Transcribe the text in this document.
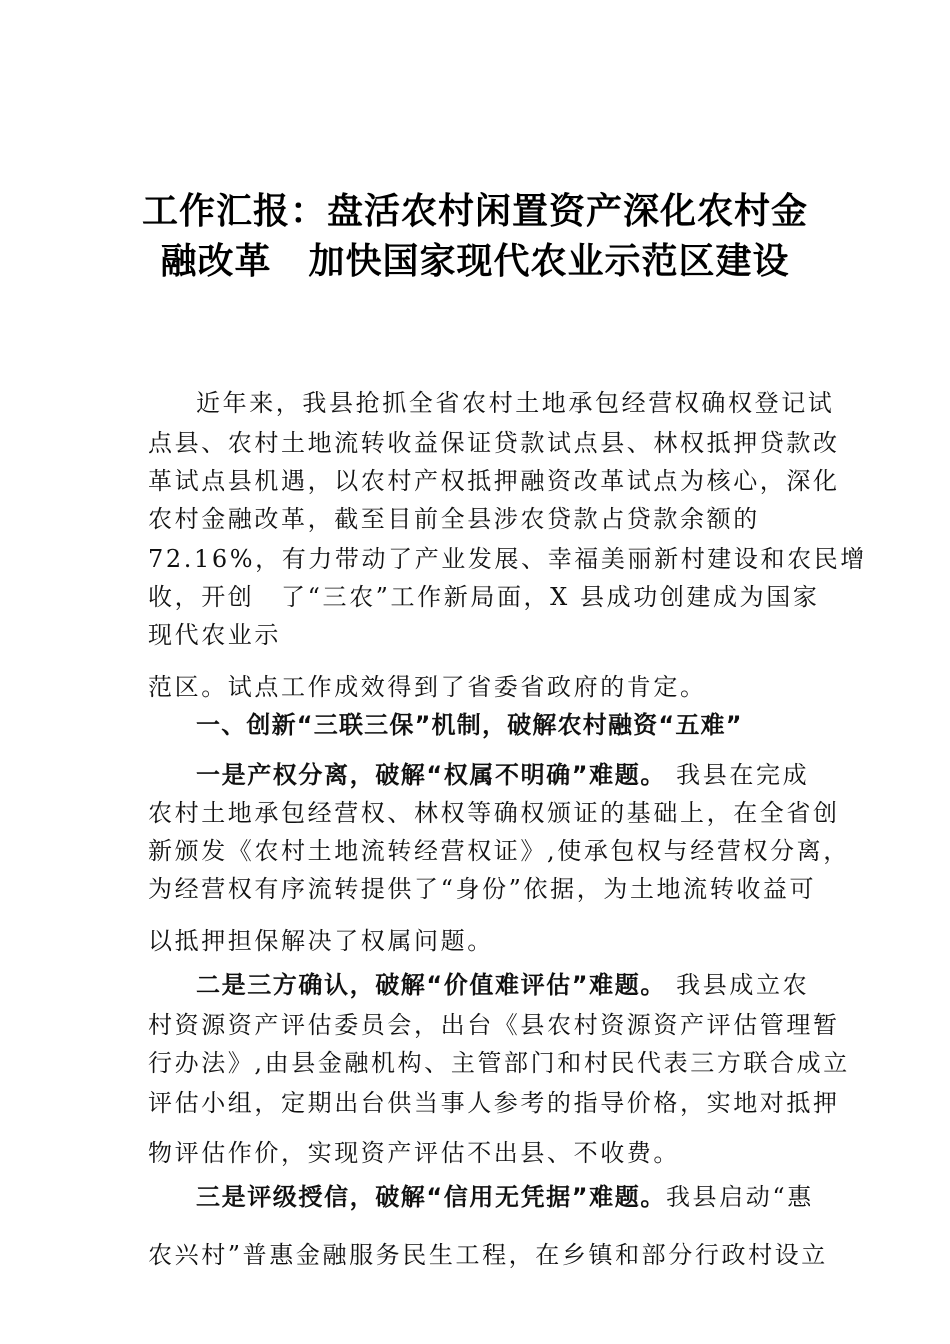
工作汇报：盘活农村闲置资产深化农村金
融改革　加快国家现代农业示范区建设
近年来，我县抢抓全省农村土地承包经营权确权登记试
点县、农村土地流转收益保证贷款试点县、林权抵押贷款改
革试点县机遇，以农村产权抵押融资改革试点为核心，深化
农村金融改革，截至目前全县涉农贷款占贷款余额的
72.16%，有力带动了产业发展、幸福美丽新村建设和农民增
收，开创　了“三农”工作新局面，X 县成功创建成为国家
现代农业示
范区。试点工作成效得到了省委省政府的肯定。
一、创新“三联三保”机制，破解农村融资“五难”
一是产权分离，破解“权属不明确”难题。 我县在完成
农村土地承包经营权、林权等确权颁证的基础上，在全省创
新颁发《农村土地流转经营权证》,使承包权与经营权分离，
为经营权有序流转提供了“身份”依据，为土地流转收益可
以抵押担保解决了权属问题。
二是三方确认，破解“价值难评估”难题。 我县成立农
村资源资产评估委员会，出台《县农村资源资产评估管理暂
行办法》,由县金融机构、主管部门和村民代表三方联合成立
评估小组，定期出台供当事人参考的指导价格，实地对抵押
物评估作价，实现资产评估不出县、不收费。
三是评级授信，破解“信用无凭据”难题。我县启动“惠
农兴村”普惠金融服务民生工程，在乡镇和部分行政村设立
